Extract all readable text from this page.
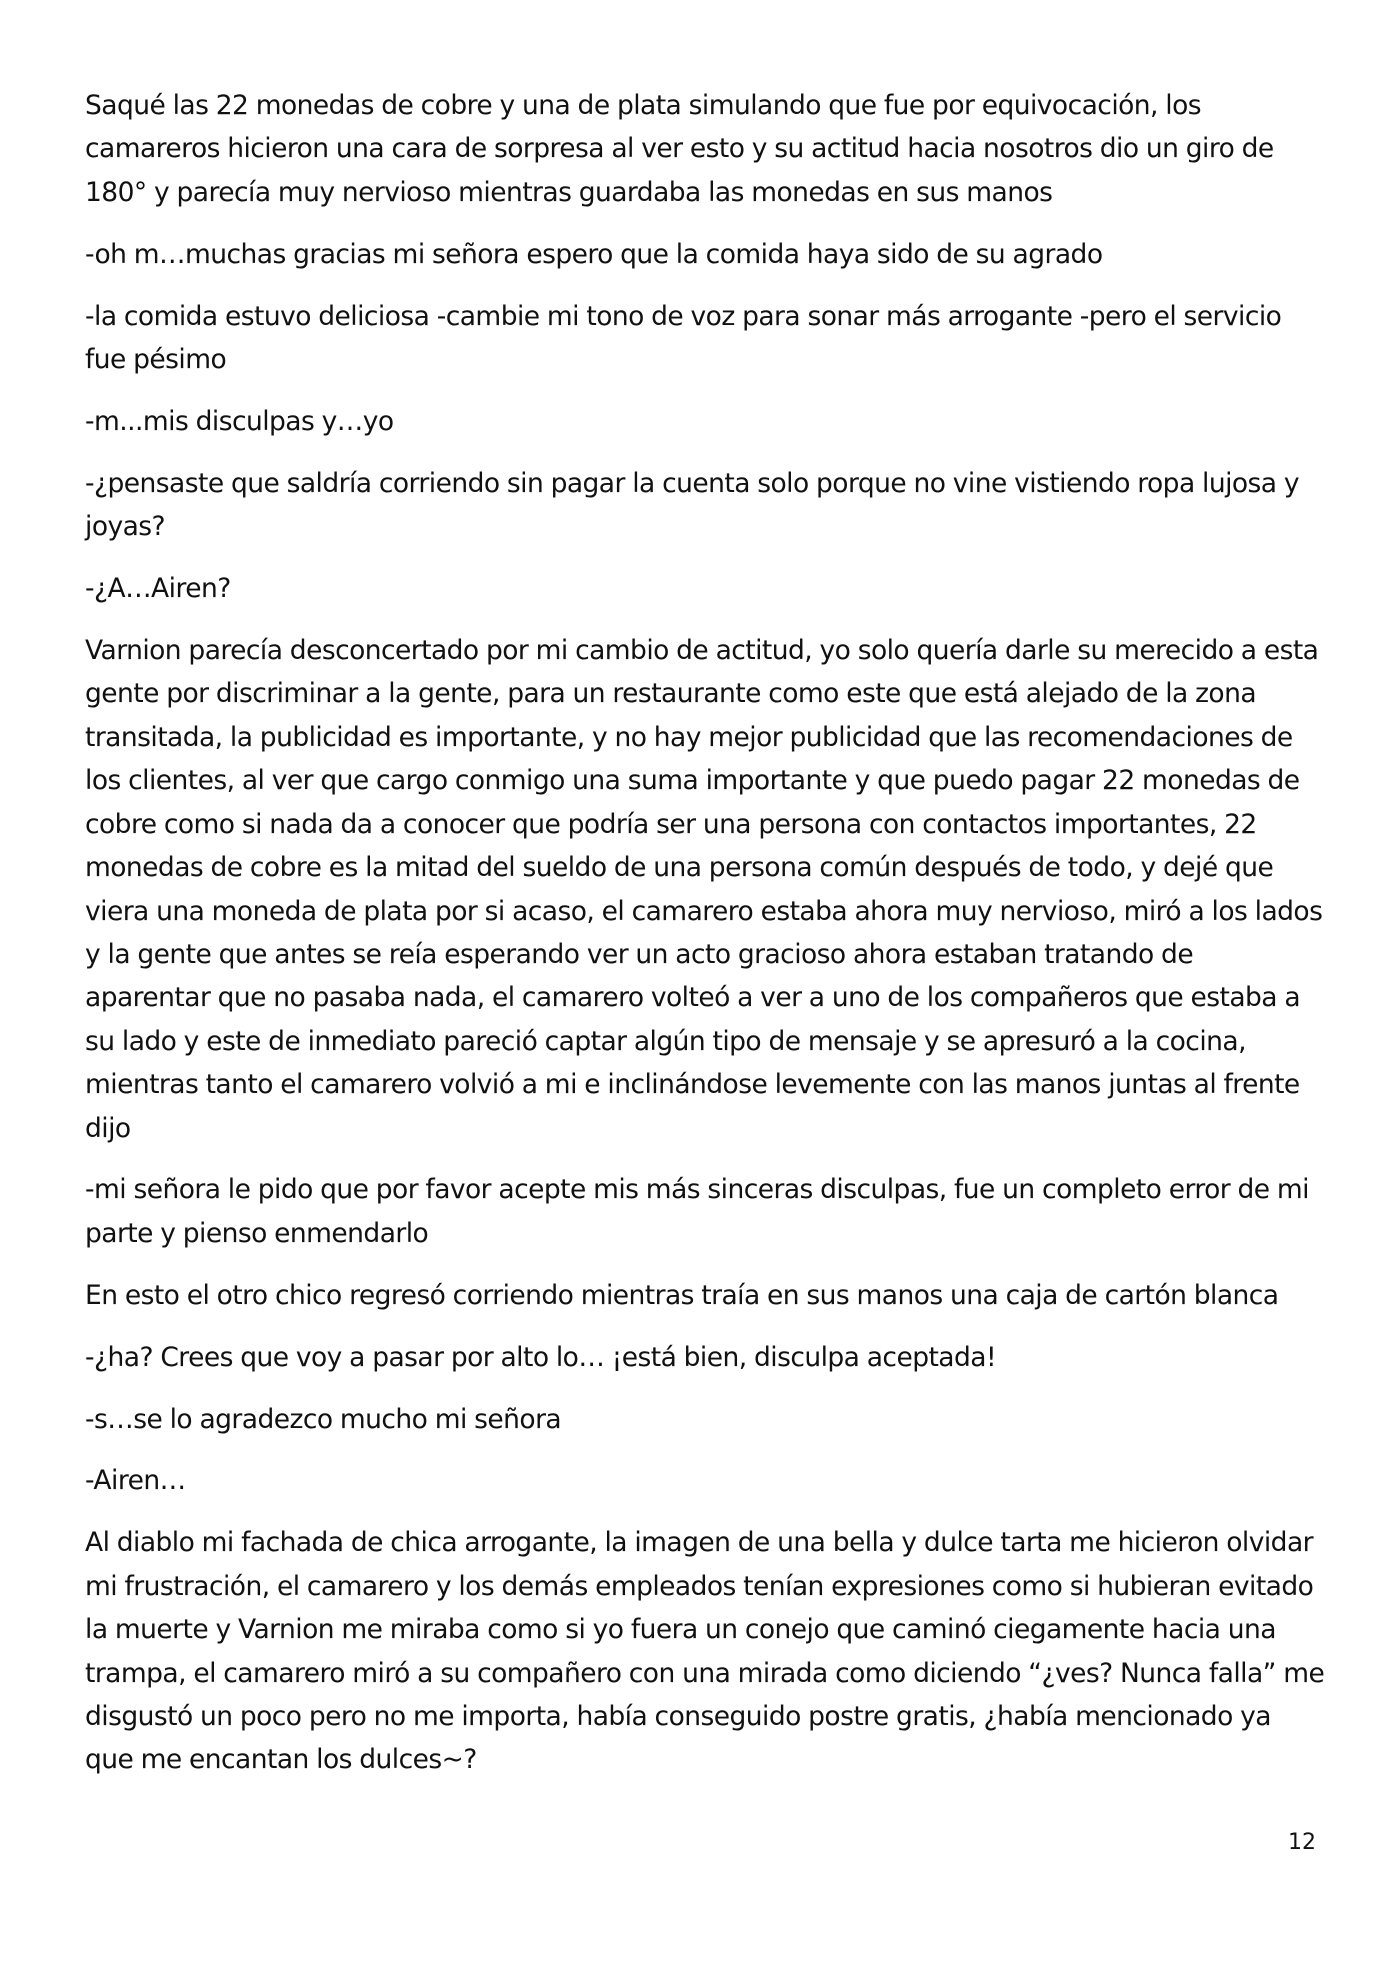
Saqué las 22 monedas de cobre y una de plata simulando que fue por equivocación, los camareros hicieron una cara de sorpresa al ver esto y su actitud hacia nosotros dio un giro de 180° y parecía muy nervioso mientras guardaba las monedas en sus manos

-oh m…muchas gracias mi señora espero que la comida haya sido de su agrado

-la comida estuvo deliciosa -cambie mi tono de voz para sonar más arrogante -pero el servicio fue pésimo

-m...mis disculpas y…yo

-¿pensaste que saldría corriendo sin pagar la cuenta solo porque no vine vistiendo ropa lujosa y joyas?

-¿A…Airen?

Varnion parecía desconcertado por mi cambio de actitud, yo solo quería darle su merecido a esta gente por discriminar a la gente, para un restaurante como este que está alejado de la zona transitada, la publicidad es importante, y no hay mejor publicidad que las recomendaciones de los clientes, al ver que cargo conmigo una suma importante y que puedo pagar 22 monedas de cobre como si nada da a conocer que podría ser una persona con contactos importantes, 22 monedas de cobre es la mitad del sueldo de una persona común después de todo, y dejé que viera una moneda de plata por si acaso, el camarero estaba ahora muy nervioso, miró a los lados y la gente que antes se reía esperando ver un acto gracioso ahora estaban tratando de aparentar que no pasaba nada, el camarero volteó a ver a uno de los compañeros que estaba a su lado y este de inmediato pareció captar algún tipo de mensaje y se apresuró a la cocina, mientras tanto el camarero volvió a mi e inclinándose levemente con las manos juntas al frente dijo

-mi señora le pido que por favor acepte mis más sinceras disculpas, fue un completo error de mi parte y pienso enmendarlo

En esto el otro chico regresó corriendo mientras traía en sus manos una caja de cartón blanca

-¿ha? Crees que voy a pasar por alto lo… ¡está bien, disculpa aceptada!

-s…se lo agradezco mucho mi señora

-Airen…

Al diablo mi fachada de chica arrogante, la imagen de una bella y dulce tarta me hicieron olvidar mi frustración, el camarero y los demás empleados tenían expresiones como si hubieran evitado la muerte y Varnion me miraba como si yo fuera un conejo que caminó ciegamente hacia una trampa, el camarero miró a su compañero con una mirada como diciendo “¿ves? Nunca falla” me disgustó un poco pero no me importa, había conseguido postre gratis, ¿había mencionado ya que me encantan los dulces~?

12
